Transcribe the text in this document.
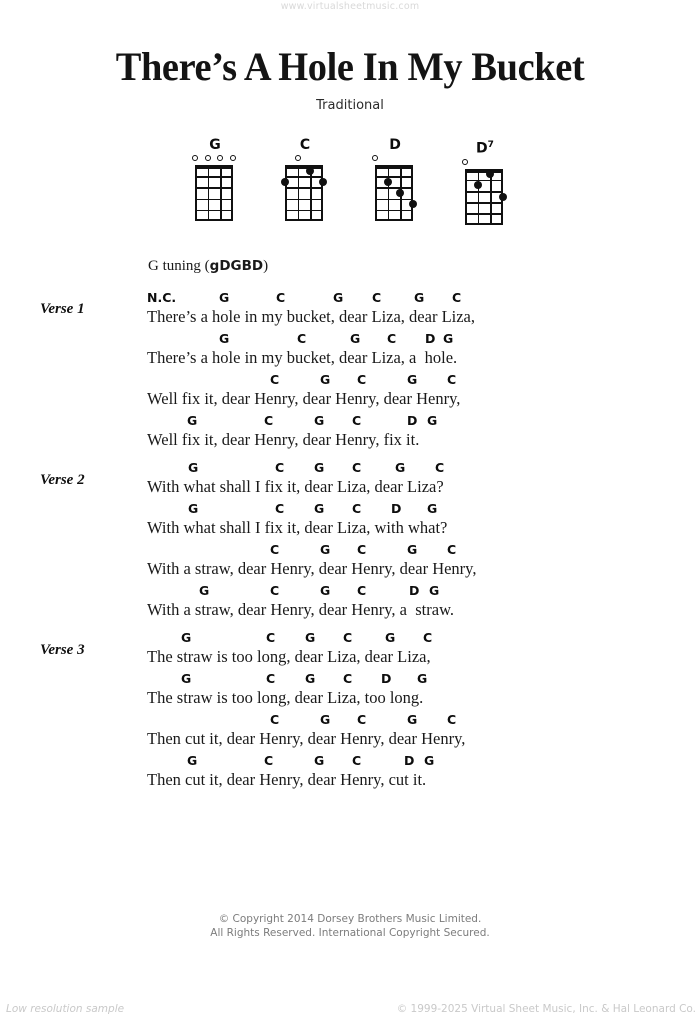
www.virtualsheetmusic.com
There’s A Hole In My Bucket
Traditional
G	C	D	$D^7$
G tuning (gDGBD)
Verse 1
N.C.	G	C	G C	G C
There’s a hole in my bucket, dear Liza, dear Liza,
G	C	G C D G
There’s a hole in my bucket, dear Liza, a  hole.
C	G C	G C
Well fix it, dear Henry, dear Henry, dear Henry,
G	C	G C	D G
Well fix it, dear Henry, dear Henry, fix it.
Verse 2
G	C G C	G C
With what shall I fix it, dear Liza, dear Liza?
G	C G C D G
With what shall I fix it, dear Liza, with what?
C	G C	G C
With a straw, dear Henry, dear Henry, dear Henry,
G	C	G C	D G
With a straw, dear Henry, dear Henry, a  straw.
Verse 3
G	C G C	G C
The straw is too long, dear Liza, dear Liza,
G	C G C D G
The straw is too long, dear Liza, too long.
C	G C	G C
Then cut it, dear Henry, dear Henry, dear Henry,
G	C	G C	D G
Then cut it, dear Henry, dear Henry, cut it.
© Copyright 2014 Dorsey Brothers Music Limited.
All Rights Reserved. International Copyright Secured.
Low resolution sample	© 1999-2025 Virtual Sheet Music, Inc. & Hal Leonard Co.
